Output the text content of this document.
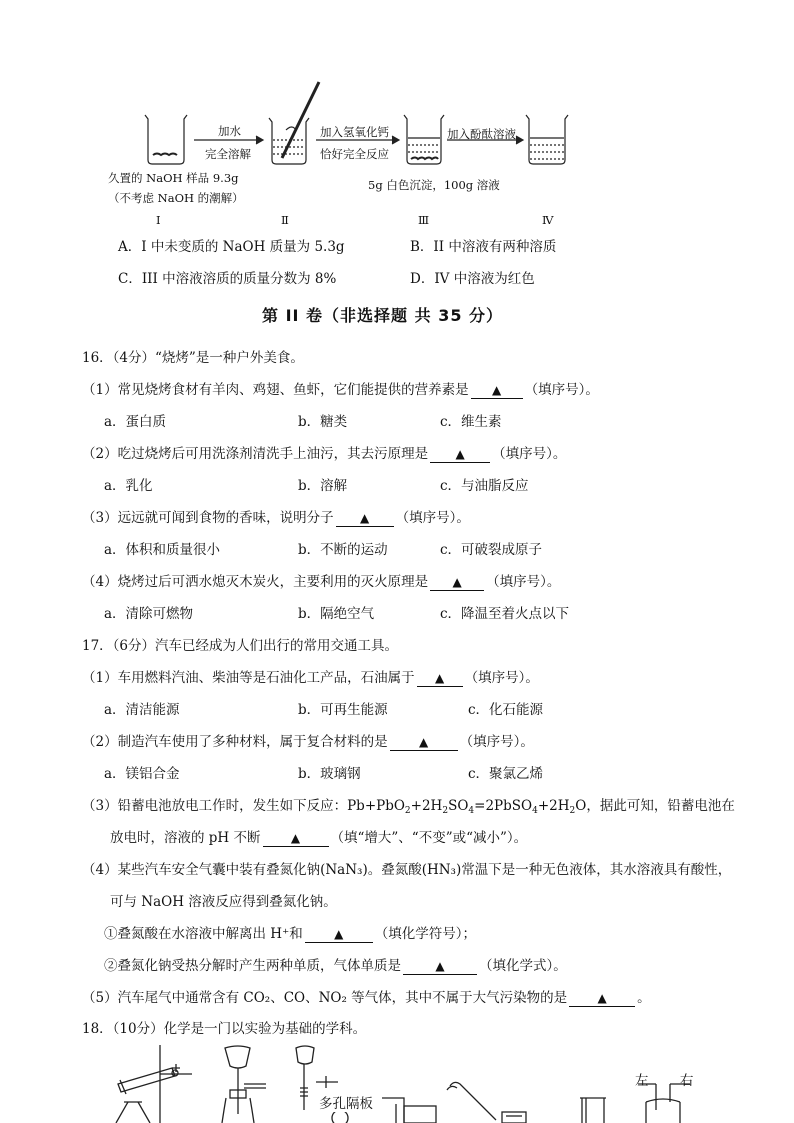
加水
完全溶解
加入氢氧化钙
恰好完全反应
加入酚酞溶液
久置的 NaOH 样品 9.3g
（不考虑 NaOH 的潮解）
5g 白色沉淀，100g 溶液
I	Ⅱ	Ⅲ	Ⅳ
A．I 中未变质的 NaOH 质量为 5.3g	B．II 中溶液有两种溶质
C．III 中溶液溶质的质量分数为 8%	D．IV 中溶液为红色
第 II 卷（非选择题 共 35 分）
16．（4分）“烧烤”是一种户外美食。
（1）常见烧烤食材有羊肉、鸡翅、鱼虾，它们能提供的营养素是 ▲ （填序号）。
a．蛋白质	b．糖类	c．维生素
（2）吃过烧烤后可用洗涤剂清洗手上油污，其去污原理是 ▲ （填序号）。
a．乳化	b．溶解	c．与油脂反应
（3）远远就可闻到食物的香味，说明分子 ▲ （填序号）。
a．体积和质量很小	b．不断的运动	c．可破裂成原子
（4）烧烤过后可洒水熄灭木炭火，主要利用的灭火原理是 ▲ （填序号）。
a．清除可燃物	b．隔绝空气	c．降温至着火点以下
17．（6分）汽车已经成为人们出行的常用交通工具。
（1）车用燃料汽油、柴油等是石油化工产品，石油属于 ▲ （填序号）。
a．清洁能源	b．可再生能源	c．化石能源
（2）制造汽车使用了多种材料，属于复合材料的是	▲ （填序号）。
a．镁铝合金	b．玻璃钢	c．聚氯乙烯
（3）铅蓄电池放电工作时，发生如下反应：$Pb+PbO_2+2H_2SO_4=2PbSO_4+2H_2O$，据此可知，铅蓄电池在
放电时，溶液的 pH 不断	▲ （填“增大”、“不变”或“减小”）。
（4）某些汽车安全气囊中装有叠氮化钠(NaN₃)。叠氮酸(HN₃)常温下是一种无色液体，其水溶液具有酸性，
可与 NaOH 溶液反应得到叠氮化钠。
①叠氮酸在水溶液中解离出 H⁺和	▲ （填化学符号）；
②叠氮化钠受热分解时产生两种单质，气体单质是	▲	（填化学式）。
（5）汽车尾气中通常含有 CO₂、CO、NO₂ 等气体，其中不属于大气污染物的是	▲ 。
18．（10分）化学是一门以实验为基础的学科。
多孔隔板
左 右
